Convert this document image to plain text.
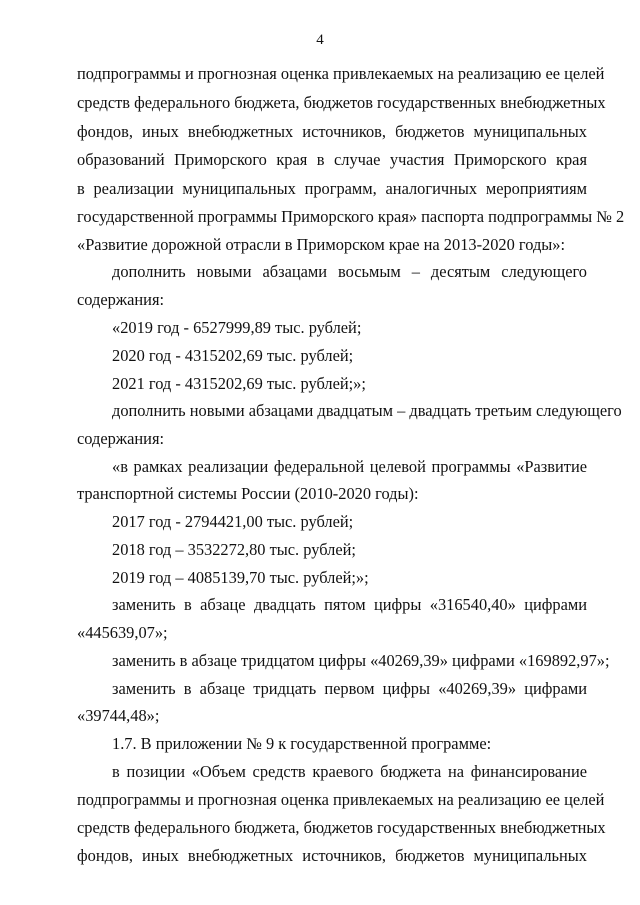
4
подпрограммы и прогнозная оценка привлекаемых на реализацию ее целей
средств федерального бюджета, бюджетов государственных внебюджетных
фондов, иных внебюджетных источников, бюджетов муниципальных
образований Приморского края в случае участия Приморского края
в реализации муниципальных программ, аналогичных мероприятиям
государственной программы Приморского края» паспорта подпрограммы № 2
«Развитие дорожной отрасли в Приморском крае на 2013-2020 годы»:
дополнить новыми абзацами восьмым – десятым следующего
содержания:
«2019 год - 6527999,89 тыс. рублей;
2020 год - 4315202,69 тыс. рублей;
2021 год - 4315202,69 тыс. рублей;»;
дополнить новыми абзацами двадцатым – двадцать третьим следующего
содержания:
«в рамках реализации федеральной целевой программы «Развитие
транспортной системы России (2010-2020 годы):
2017 год - 2794421,00 тыс. рублей;
2018 год – 3532272,80 тыс. рублей;
2019 год – 4085139,70 тыс. рублей;»;
заменить в абзаце двадцать пятом цифры «316540,40» цифрами
«445639,07»;
заменить в абзаце тридцатом цифры «40269,39» цифрами «169892,97»;
заменить в абзаце тридцать первом цифры «40269,39» цифрами
«39744,48»;
1.7. В приложении № 9 к государственной программе:
в позиции «Объем средств краевого бюджета на финансирование
подпрограммы и прогнозная оценка привлекаемых на реализацию ее целей
средств федерального бюджета, бюджетов государственных внебюджетных
фондов, иных внебюджетных источников, бюджетов муниципальных
